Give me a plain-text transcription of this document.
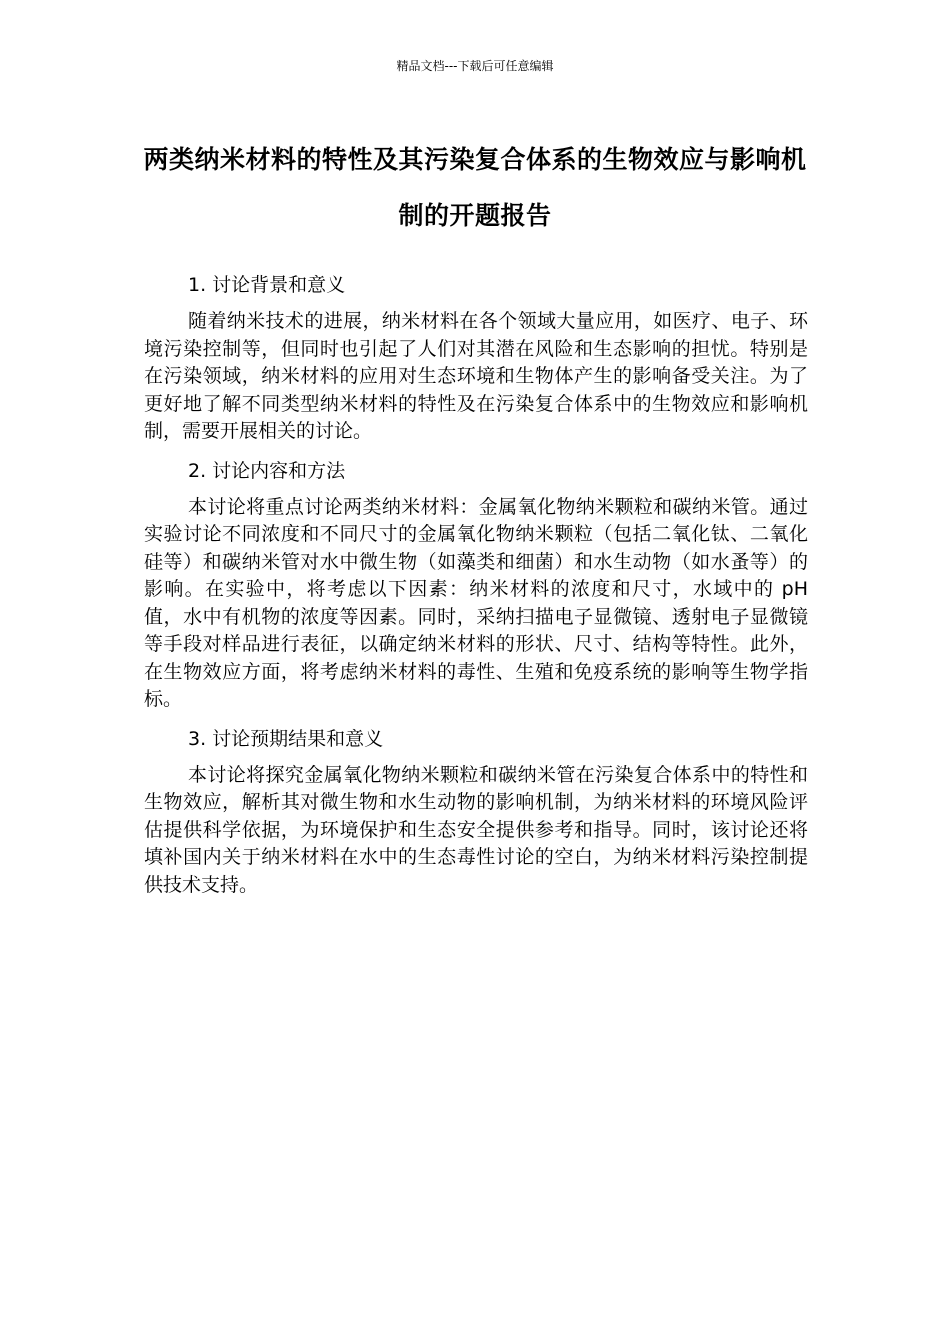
精品文档---下载后可任意编辑
两类纳米材料的特性及其污染复合体系的生物效应与影响机制的开题报告
1. 讨论背景和意义

随着纳米技术的进展，纳米材料在各个领域大量应用，如医疗、电子、环境污染控制等，但同时也引起了人们对其潜在风险和生态影响的担忧。特别是在污染领域，纳米材料的应用对生态环境和生物体产生的影响备受关注。为了更好地了解不同类型纳米材料的特性及在污染复合体系中的生物效应和影响机制，需要开展相关的讨论。

2. 讨论内容和方法

本讨论将重点讨论两类纳米材料：金属氧化物纳米颗粒和碳纳米管。通过实验讨论不同浓度和不同尺寸的金属氧化物纳米颗粒（包括二氧化钛、二氧化硅等）和碳纳米管对水中微生物（如藻类和细菌）和水生动物（如水蚤等）的影响。在实验中，将考虑以下因素：纳米材料的浓度和尺寸，水域中的 pH 值，水中有机物的浓度等因素。同时，采纳扫描电子显微镜、透射电子显微镜等手段对样品进行表征，以确定纳米材料的形状、尺寸、结构等特性。此外，在生物效应方面，将考虑纳米材料的毒性、生殖和免疫系统的影响等生物学指标。

3. 讨论预期结果和意义

本讨论将探究金属氧化物纳米颗粒和碳纳米管在污染复合体系中的特性和生物效应，解析其对微生物和水生动物的影响机制，为纳米材料的环境风险评估提供科学依据，为环境保护和生态安全提供参考和指导。同时，该讨论还将填补国内关于纳米材料在水中的生态毒性讨论的空白，为纳米材料污染控制提供技术支持。
